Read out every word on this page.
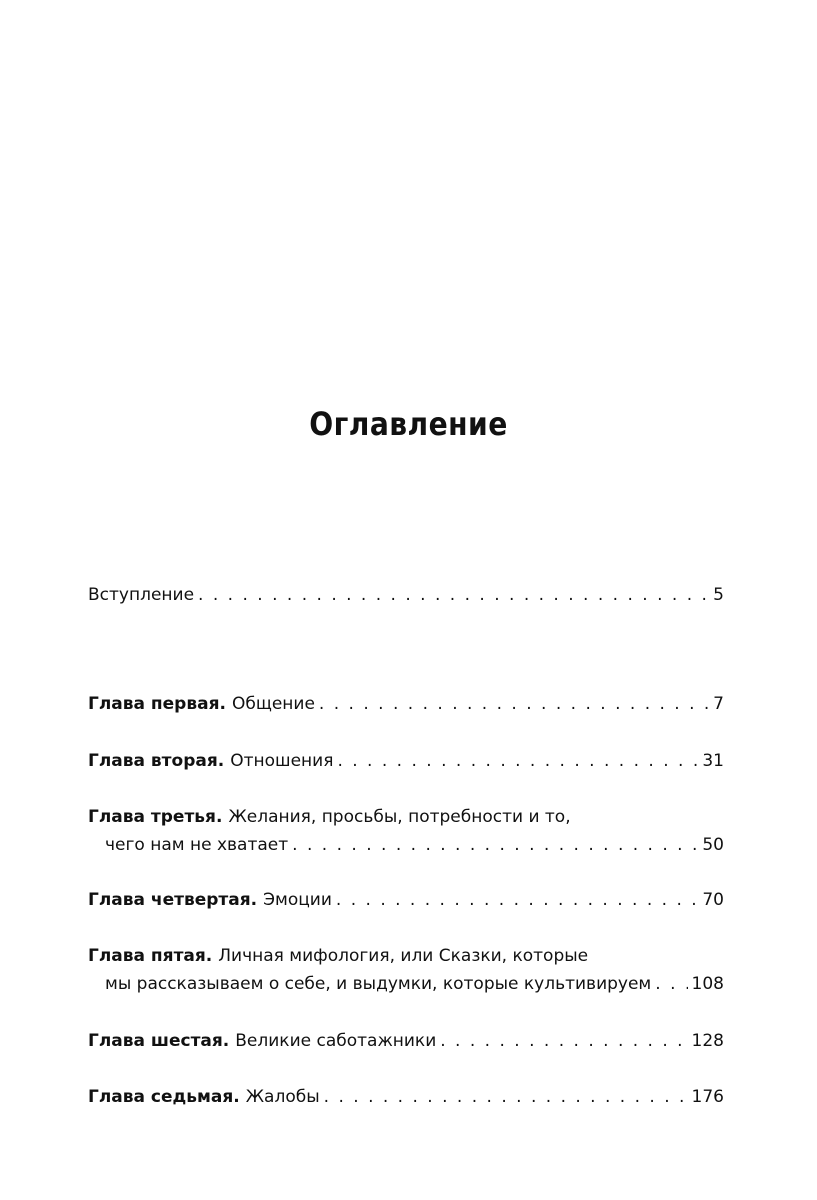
Оглавление
Вступление . . .	5
Глава первая. Общение . . .	7
Глава вторая. Отношения . . .	31
Глава третья. Желания, просьбы, потребности и то,
чего нам не хватает . . .	50
Глава четвертая. Эмоции . . .	70
Глава пятая. Личная мифология, или Сказки, которые
мы рассказываем о себе, и выдумки, которые культивируем . . . 108
Глава шестая. Великие саботажники . . .	128
Глава седьмая. Жалобы . . .	176
